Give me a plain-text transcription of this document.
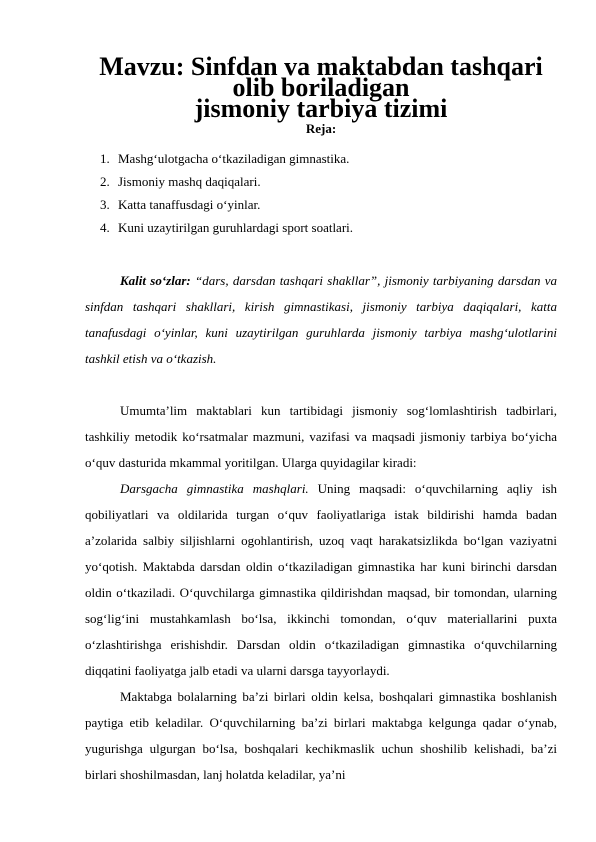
Mavzu: Sinfdan va maktabdan tashqari olib boriladigan
jismoniy tarbiya tizimi

Reja:

1. Mashg‘ulotgacha o‘tkaziladigan gimnastika.
2. Jismoniy mashq daqiqalari.
3. Katta tanaffusdagi o‘yinlar.
4. Kuni uzaytirilgan guruhlardagi sport soatlari.

Kalit so‘zlar: “dars, darsdan tashqari shakllar”, jismoniy tarbiyaning darsdan va sinfdan tashqari shakllari, kirish gimnastikasi, jismoniy tarbiya daqiqalari, katta tanafusdagi o‘yinlar, kuni uzaytirilgan guruhlarda jismoniy tarbiya mashg‘ulotlarini tashkil etish va o‘tkazish.

Umumta’lim maktablari kun tartibidagi jismoniy sog‘lomlashtirish tadbirlari, tashkiliy metodik ko‘rsatmalar mazmuni, vazifasi va maqsadi jismoniy tarbiya bo‘yicha o‘quv dasturida mkammal yoritilgan. Ularga quyidagilar kiradi:

Darsgacha gimnastika mashqlari. Uning maqsadi: o‘quvchilarning aqliy ish qobiliyatlari va oldilarida turgan o‘quv faoliyatlariga istak bildirishi hamda badan a’zolarida salbiy siljishlarni ogohlantirish, uzoq vaqt harakatsizlikda bo‘lgan vaziyatni yo‘qotish. Maktabda darsdan oldin o‘tkaziladigan gimnastika har kuni birinchi darsdan oldin o‘tkaziladi. O‘quvchilarga gimnastika qildirishdan maqsad, bir tomondan, ularning sog‘lig‘ini mustahkamlash bo‘lsa, ikkinchi tomondan, o‘quv materiallarini puxta o‘zlashtirishga erishishdir. Darsdan oldin o‘tkaziladigan gimnastika o‘quvchilarning diqqatini faoliyatga jalb etadi va ularni darsga tayyorlaydi.

Maktabga bolalarning ba’zi birlari oldin kelsa, boshqalari gimnastika boshlanish paytiga etib keladilar. O‘quvchilarning ba’zi birlari maktabga kelgunga qadar o‘ynab, yugurishga ulgurgan bo‘lsa, boshqalari kechikmaslik uchun shoshilib kelishadi, ba’zi birlari shoshilmasdan, lanj holatda keladilar, ya’ni
